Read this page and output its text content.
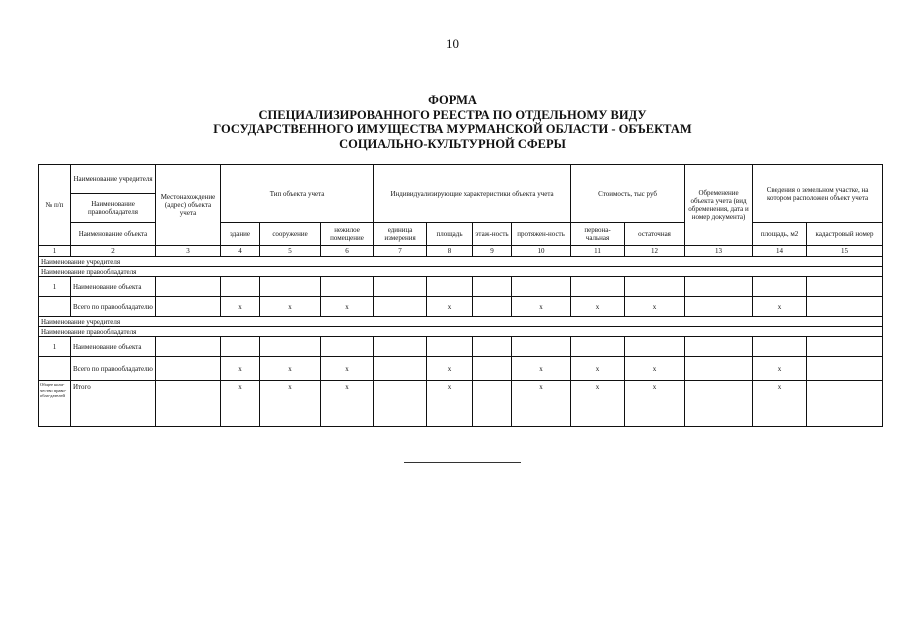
10
ФОРМА
СПЕЦИАЛИЗИРОВАННОГО РЕЕСТРА ПО ОТДЕЛЬНОМУ ВИДУ
ГОСУДАРСТВЕННОГО ИМУЩЕСТВА МУРМАНСКОЙ ОБЛАСТИ - ОБЪЕКТАМ
СОЦИАЛЬНО-КУЛЬТУРНОЙ СФЕРЫ
№ п/п	Наименование учредителя	Местонахождение (адрес) объекта учета	Тип объекта учета			Индивидуализирующие характеристики объекта учета				Стоимость, тыс руб		Обременение объекта учета (вид обременения, дата и номер документа)	Сведения о земельном участке, на котором расположен объект учета	
	Наименование правообладателя													
	Наименование объекта		здание	сооружение	нежилое помещение	единица измерения	площадь	этаж-ность	протяжен-ность	первона-чальная	остаточная		площадь, м2	кадастровый номер
1	2	3	4	5	6	7	8	9	10	11	12	13	14	15
Наименование учредителя														
Наименование правообладателя														
1	Наименование объекта													
	Всего по правообладателю		x	x	x		x		x	x	x		x	
Наименование учредителя														
Наименование правообладателя														
1	Наименование объекта													
	Всего по правообладателю		x	x	x		x		x	x	x		x	
Общее коли-чество право-обла-дателей	Итого		x	x	x		x		x	x	x		x	
